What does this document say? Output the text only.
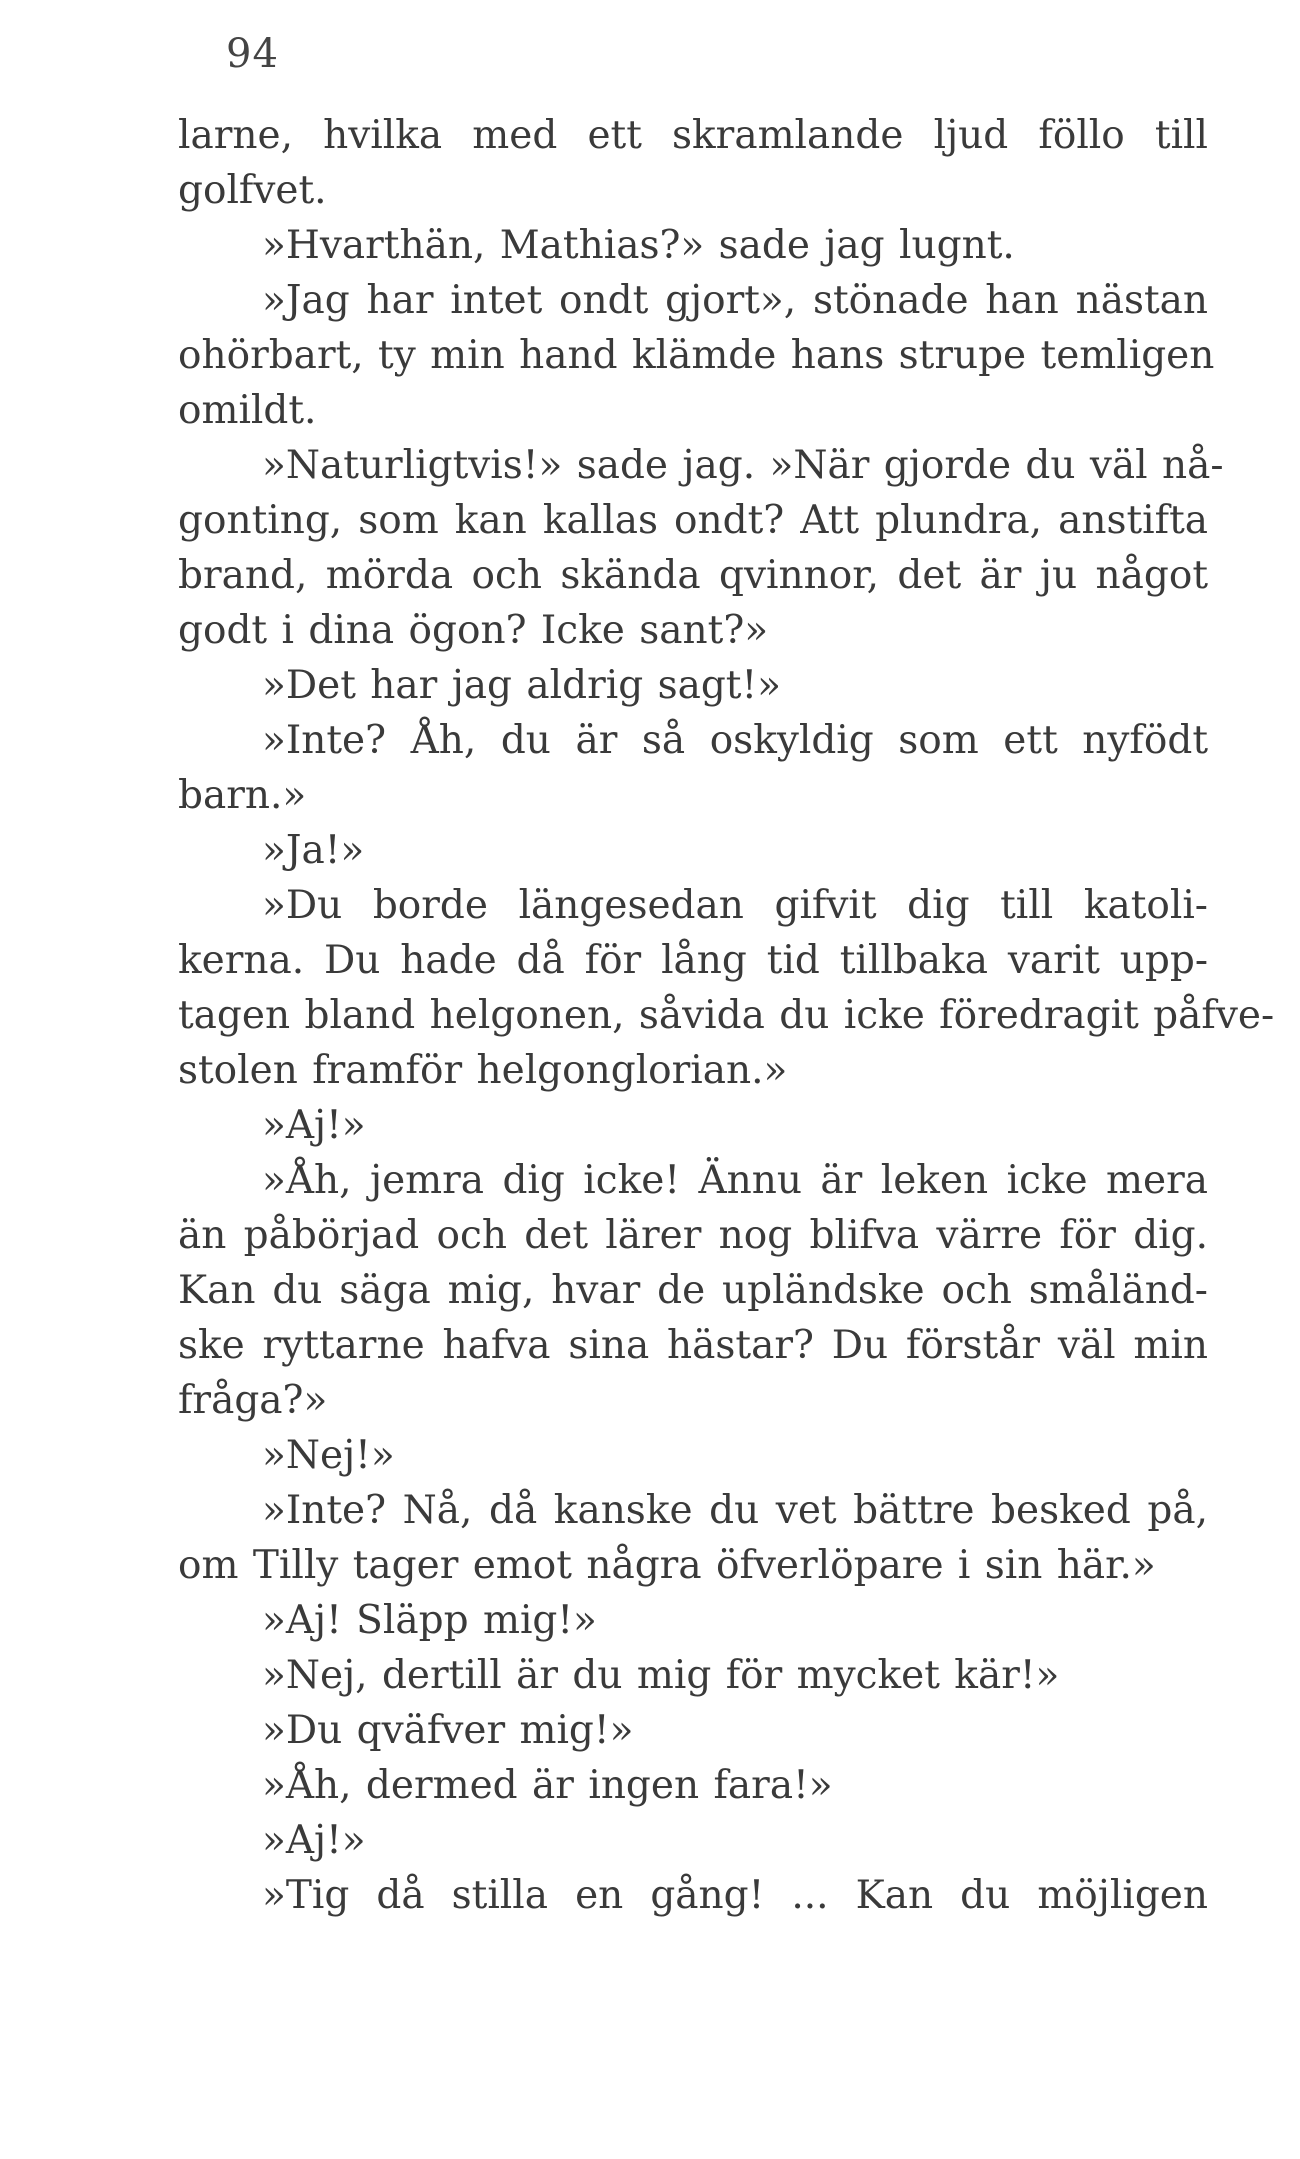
94
larne, hvilka med ett skramlande ljud föllo till
golfvet.
»Hvarthän, Mathias?» sade jag lugnt.
»Jag har intet ondt gjort», stönade han nästan
ohörbart, ty min hand klämde hans strupe temligen
omildt.
»Naturligtvis!» sade jag. »När gjorde du väl nå-
gonting, som kan kallas ondt? Att plundra, anstifta
brand, mörda och skända qvinnor, det är ju något
godt i dina ögon? Icke sant?»
»Det har jag aldrig sagt!»
»Inte? Åh, du är så oskyldig som ett nyfödt
barn.»
»Ja!»
»Du borde längesedan gifvit dig till katoli-
kerna. Du hade då för lång tid tillbaka varit upp-
tagen bland helgonen, såvida du icke föredragit påfve-
stolen framför helgonglorian.»
»Aj!»
»Åh, jemra dig icke! Ännu är leken icke mera
än påbörjad och det lärer nog blifva värre för dig.
Kan du säga mig, hvar de upländske och småländ-
ske ryttarne hafva sina hästar? Du förstår väl min
fråga?»
»Nej!»
»Inte? Nå, då kanske du vet bättre besked på,
om Tilly tager emot några öfverlöpare i sin här.»
»Aj! Släpp mig!»
»Nej, dertill är du mig för mycket kär!»
»Du qväfver mig!»
»Åh, dermed är ingen fara!»
»Aj!»
»Tig då stilla en gång! ... Kan du möjligen
